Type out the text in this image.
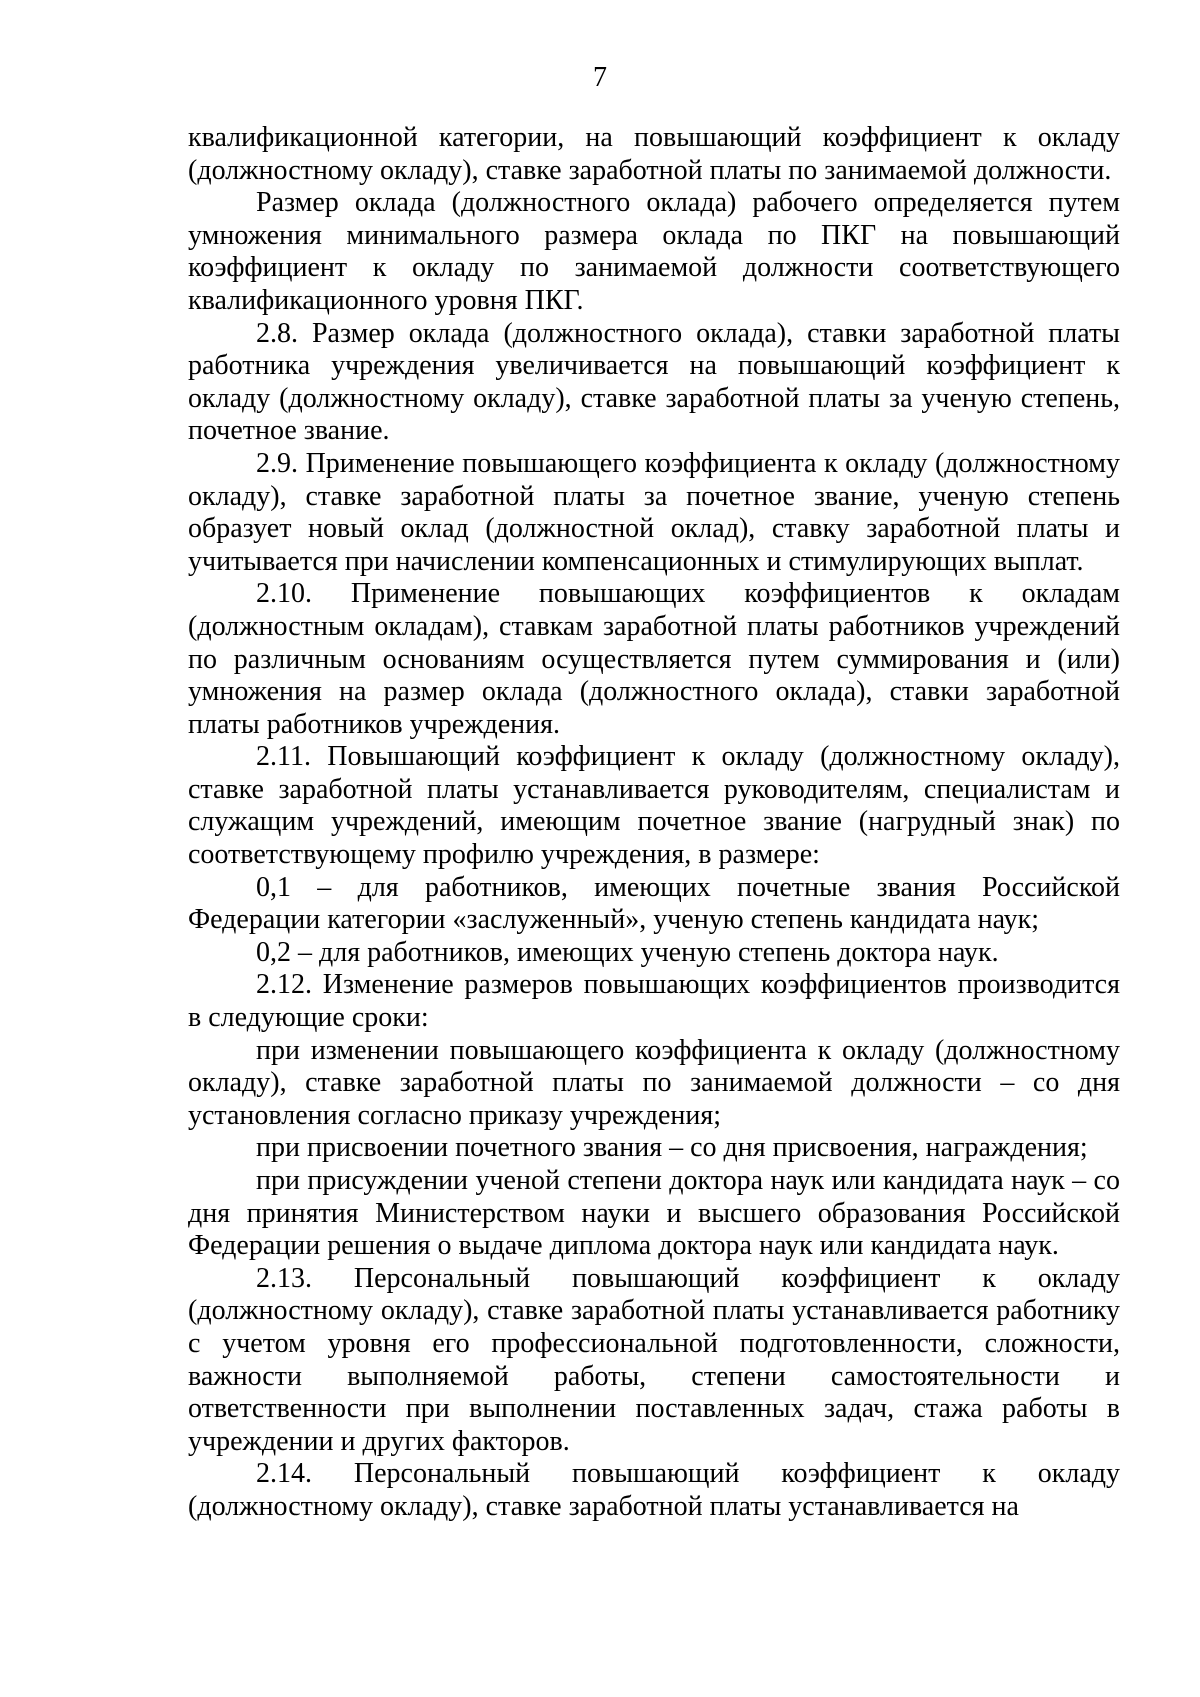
7

квалификационной категории, на повышающий коэффициент к окладу (должностному окладу), ставке заработной платы по занимаемой должности.

Размер оклада (должностного оклада) рабочего определяется путем умножения минимального размера оклада по ПКГ на повышающий коэффициент к окладу по занимаемой должности соответствующего квалификационного уровня ПКГ.

2.8. Размер оклада (должностного оклада), ставки заработной платы работника учреждения увеличивается на повышающий коэффициент к окладу (должностному окладу), ставке заработной платы за ученую степень, почетное звание.

2.9. Применение повышающего коэффициента к окладу (должностному окладу), ставке заработной платы за почетное звание, ученую степень образует новый оклад (должностной оклад), ставку заработной платы и учитывается при начислении компенсационных и стимулирующих выплат.

2.10. Применение повышающих коэффициентов к окладам (должностным окладам), ставкам заработной платы работников учреждений по различным основаниям осуществляется путем суммирования и (или) умножения на размер оклада (должностного оклада), ставки заработной платы работников учреждения.

2.11. Повышающий коэффициент к окладу (должностному окладу), ставке заработной платы устанавливается руководителям, специалистам и служащим учреждений, имеющим почетное звание (нагрудный знак) по соответствующему профилю учреждения, в размере:

0,1 – для работников, имеющих почетные звания Российской Федерации категории «заслуженный», ученую степень кандидата наук;

0,2 – для работников, имеющих ученую степень доктора наук.

2.12. Изменение размеров повышающих коэффициентов производится в следующие сроки:

при изменении повышающего коэффициента к окладу (должностному окладу), ставке заработной платы по занимаемой должности – со дня установления согласно приказу учреждения;

при присвоении почетного звания – со дня присвоения, награждения;

при присуждении ученой степени доктора наук или кандидата наук – со дня принятия Министерством науки и высшего образования Российской Федерации решения о выдаче диплома доктора наук или кандидата наук.

2.13. Персональный повышающий коэффициент к окладу (должностному окладу), ставке заработной платы устанавливается работнику с учетом уровня его профессиональной подготовленности, сложности, важности выполняемой работы, степени самостоятельности и ответственности при выполнении поставленных задач, стажа работы в учреждении и других факторов.

2.14. Персональный повышающий коэффициент к окладу (должностному окладу), ставке заработной платы устанавливается на
